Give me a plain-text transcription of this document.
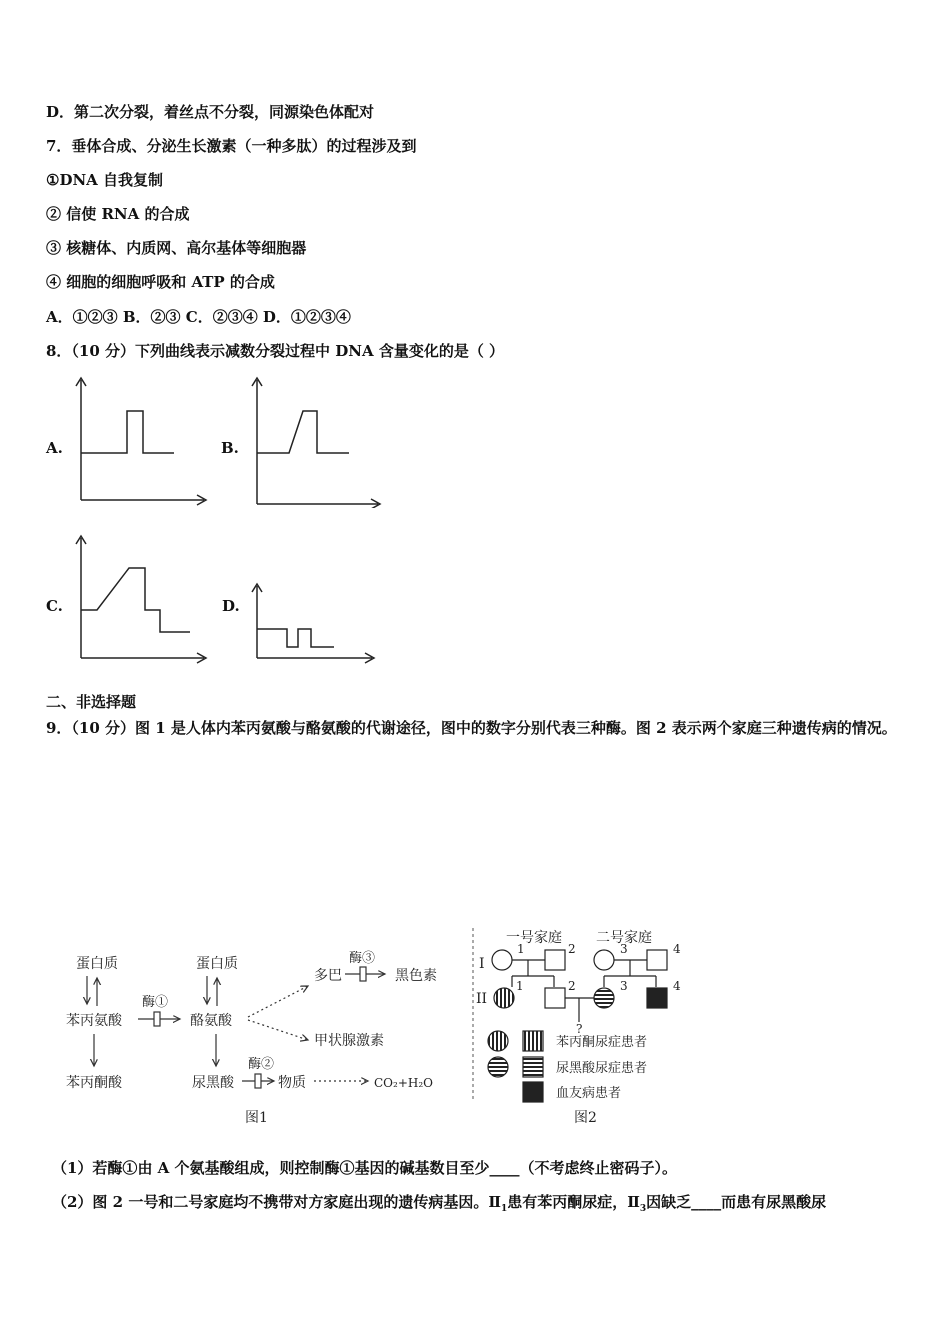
D．第二次分裂，着丝点不分裂，同源染色体配对
7．垂体合成、分泌生长激素（一种多肽）的过程涉及到
①DNA 自我复制
② 信使 RNA 的合成
③ 核糖体、内质网、高尔基体等细胞器
④ 细胞的细胞呼吸和 ATP 的合成
A．①②③ B．②③ C．②③④ D．①②③④
8．（10 分）下列曲线表示减数分裂过程中 DNA 含量变化的是（ ）
A.	B.
C.	D.
二、非选择题
9．（10 分）图 1 是人体内苯丙氨酸与酪氨酸的代谢途径，图中的数字分别代表三种酶。图 2 表示两个家庭三种遗传病的情况。
蛋白质	蛋白质
苯丙氨酸
酶①
酪氨酸
苯丙酮酸	尿黑酸
酶②
物质	CO₂+H₂O
多巴
酶③
黑色素
甲状腺激素
图1
一号家庭 二号家庭
I
II
1	2	3	4
1	2	3	4
?
苯丙酮尿症患者
尿黑酸尿症患者
血友病患者
图2
（1）若酶①由 A 个氨基酸组成，则控制酶①基因的碱基数目至少____（不考虑终止密码子）。
（2）图 2 一号和二号家庭均不携带对方家庭出现的遗传病基因。$Ⅱ_1$患有苯丙酮尿症，$Ⅱ_3$因缺乏____而患有尿黑酸尿
